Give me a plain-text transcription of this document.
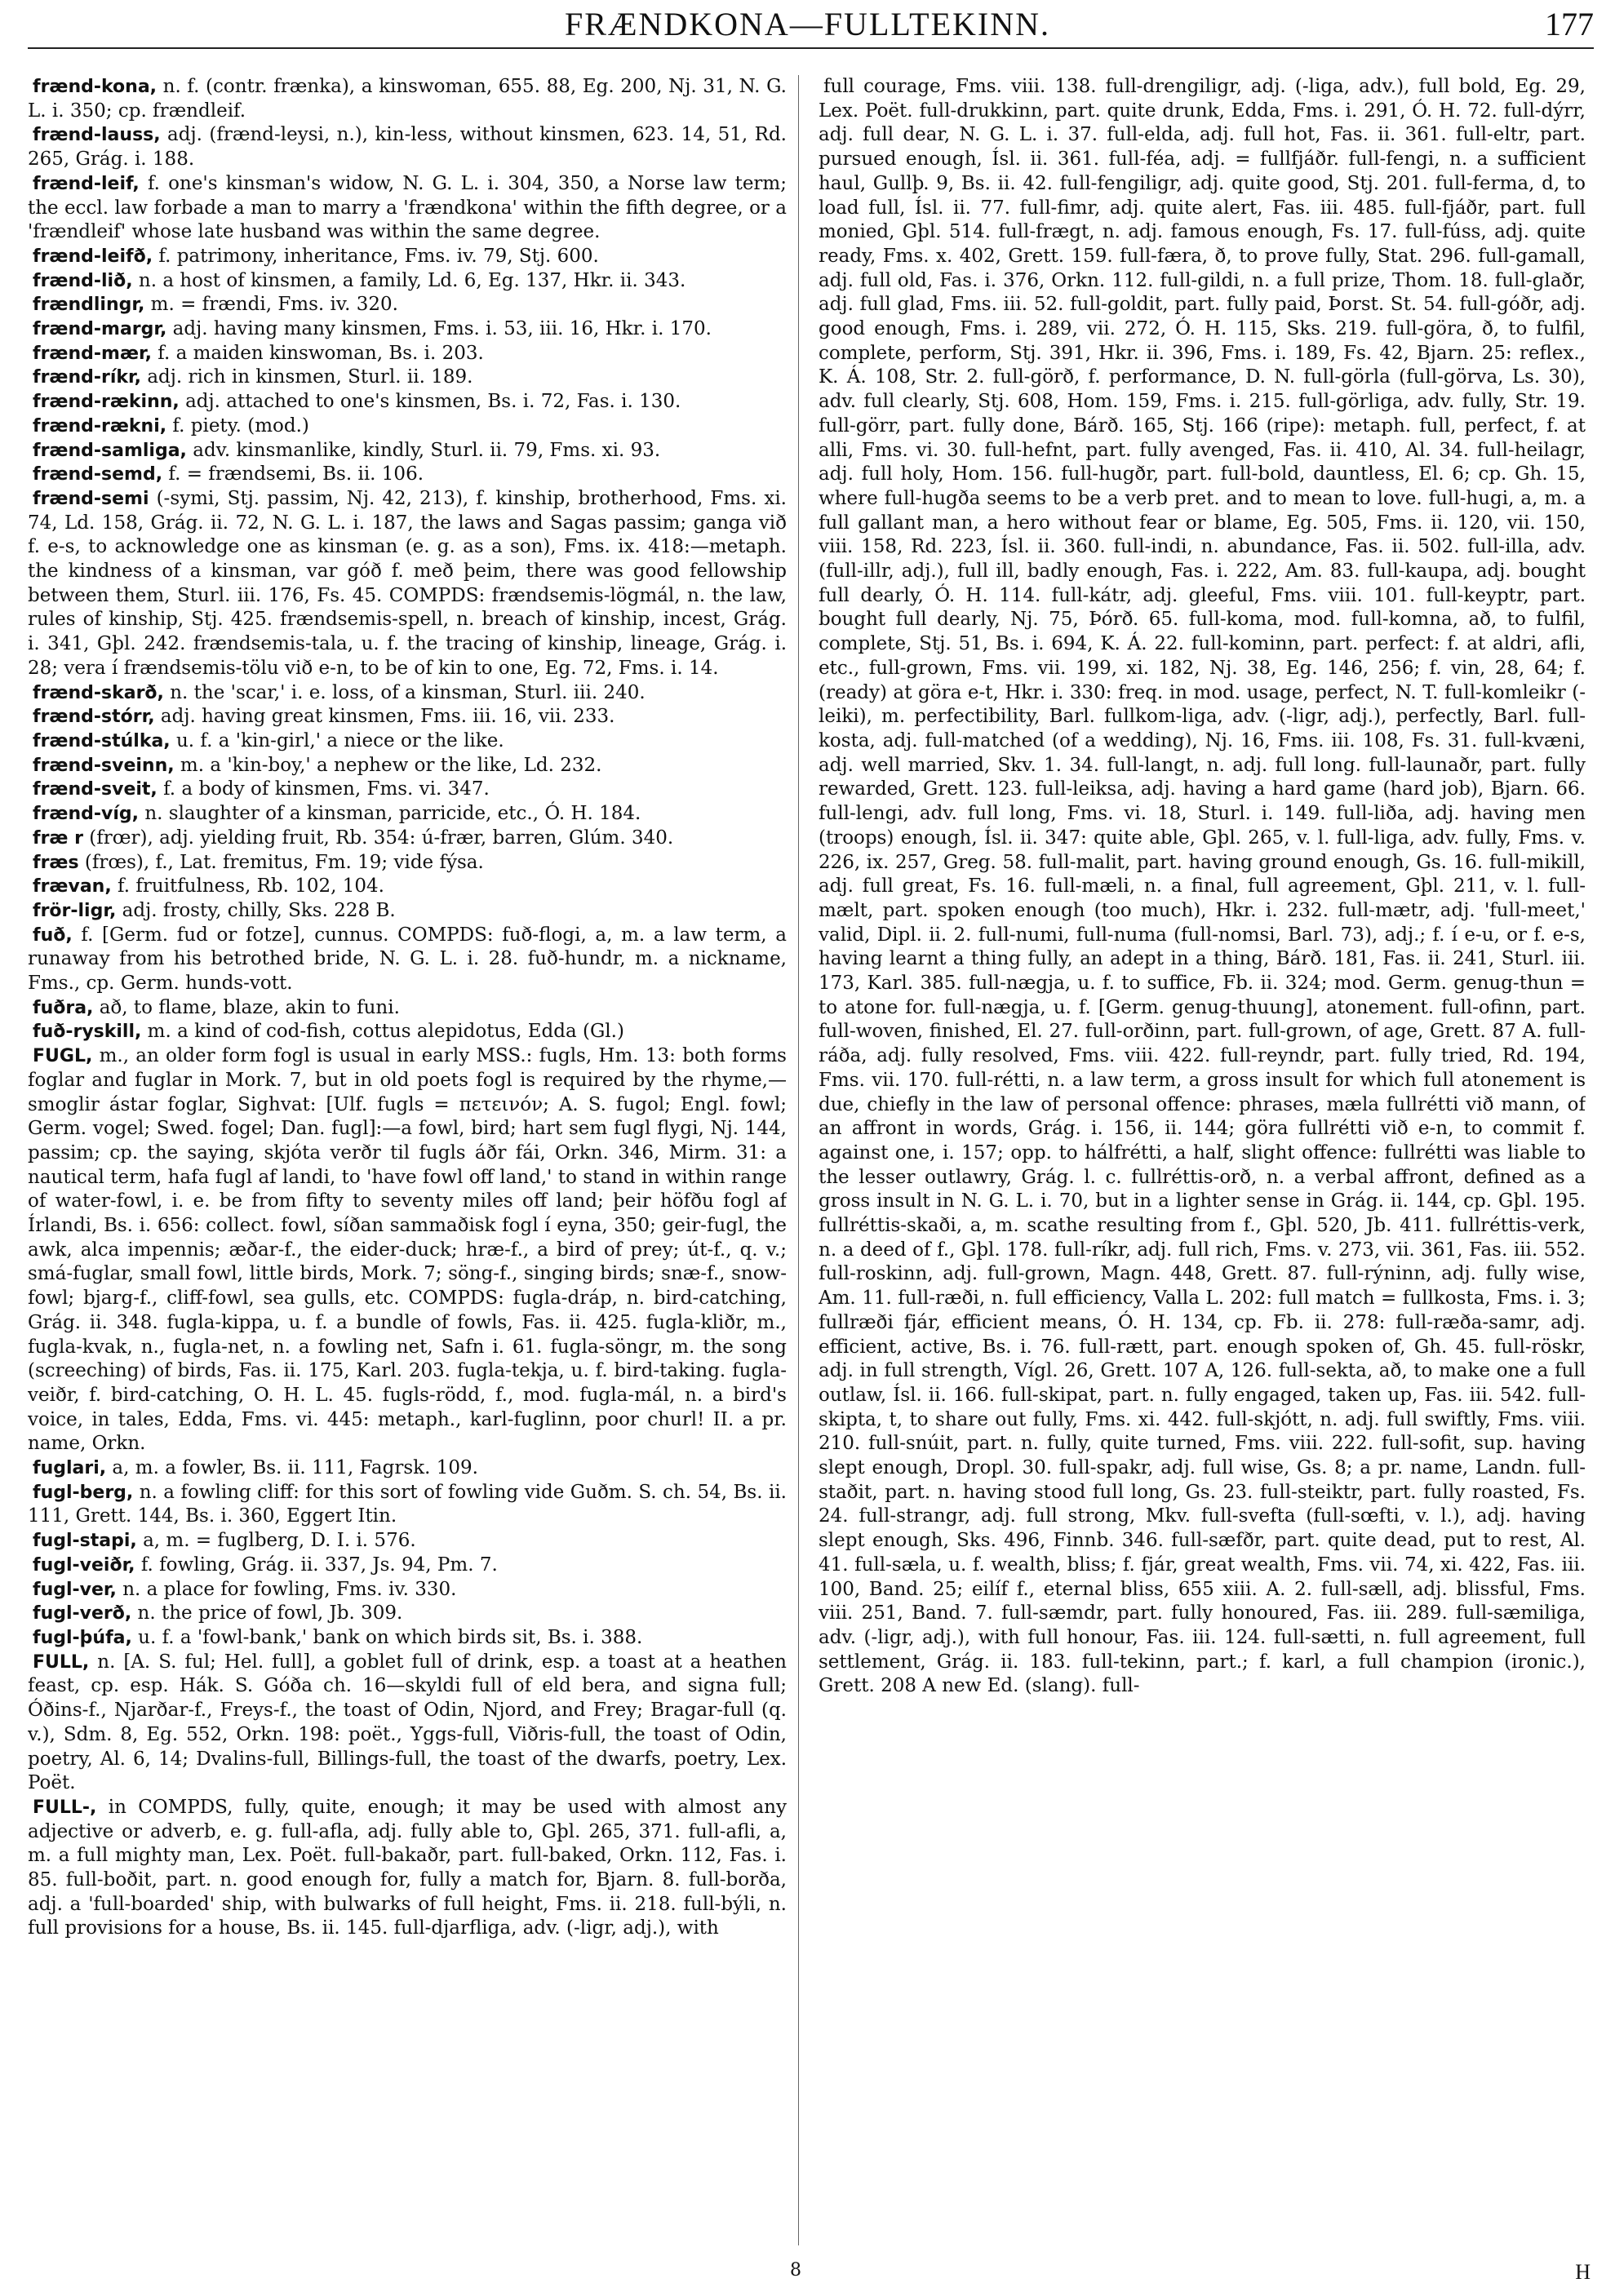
FRÆNDKONA—FULLTEKINN.	177

frænd-kona, n. f. (contr. frænka), a kinswoman, 655. 88, Eg. 200, Nj. 31, N. G. L. i. 350; cp. frændleif.

frænd-lauss, adj. (frænd-leysi, n.), kin-less, without kinsmen, 623. 14, 51, Rd. 265, Grág. i. 188.

frænd-leif, f. one's kinsman's widow, N. G. L. i. 304, 350, a Norse law term; the eccl. law forbade a man to marry a 'frændkona' within the fifth degree, or a 'frændleif' whose late husband was within the same degree.

frænd-leifð, f. patrimony, inheritance, Fms. iv. 79, Stj. 600.

frænd-lið, n. a host of kinsmen, a family, Ld. 6, Eg. 137, Hkr. ii. 343.

frændlingr, m. = frændi, Fms. iv. 320.

frænd-margr, adj. having many kinsmen, Fms. i. 53, iii. 16, Hkr. i. 170.

frænd-mær, f. a maiden kinswoman, Bs. i. 203.

frænd-ríkr, adj. rich in kinsmen, Sturl. ii. 189.

frænd-rækinn, adj. attached to one's kinsmen, Bs. i. 72, Fas. i. 130.

frænd-rækni, f. piety. (mod.)

frænd-samliga, adv. kinsmanlike, kindly, Sturl. ii. 79, Fms. xi. 93.

frænd-semd, f. = frændsemi, Bs. ii. 106.

frænd-semi (-symi, Stj. passim, Nj. 42, 213), f. kinship, brotherhood, Fms. xi. 74, Ld. 158, Grág. ii. 72, N. G. L. i. 187, the laws and Sagas passim; ganga við f. e-s, to acknowledge one as kinsman (e. g. as a son), Fms. ix. 418:—metaph. the kindness of a kinsman, var góð f. með þeim, there was good fellowship between them, Sturl. iii. 176, Fs. 45. COMPDS: frændsemis-lögmál, n. the law, rules of kinship, Stj. 425. frændsemis-spell, n. breach of kinship, incest, Grág. i. 341, Gþl. 242. frændsemis-tala, u. f. the tracing of kinship, lineage, Grág. i. 28; vera í frændsemis-tölu við e-n, to be of kin to one, Eg. 72, Fms. i. 14.

frænd-skarð, n. the 'scar,' i. e. loss, of a kinsman, Sturl. iii. 240.

frænd-stórr, adj. having great kinsmen, Fms. iii. 16, vii. 233.

frænd-stúlka, u. f. a 'kin-girl,' a niece or the like.

frænd-sveinn, m. a 'kin-boy,' a nephew or the like, Ld. 232.

frænd-sveit, f. a body of kinsmen, Fms. vi. 347.

frænd-víg, n. slaughter of a kinsman, parricide, etc., Ó. H. 184.

fræ r (frœr), adj. yielding fruit, Rb. 354: ú-frær, barren, Glúm. 340.

fræs (frœs), f., Lat. fremitus, Fm. 19; vide fýsa.

frævan, f. fruitfulness, Rb. 102, 104.

frör-ligr, adj. frosty, chilly, Sks. 228 B.

fuð, f. [Germ. fud or fotze], cunnus. COMPDS: fuð-flogi, a, m. a law term, a runaway from his betrothed bride, N. G. L. i. 28. fuð-hundr, m. a nickname, Fms., cp. Germ. hunds-vott.

fuðra, að, to flame, blaze, akin to funi.

fuð-ryskill, m. a kind of cod-fish, cottus alepidotus, Edda (Gl.)

FUGL, m., an older form fogl is usual in early MSS.: fugls, Hm. 13: both forms foglar and fuglar in Mork. 7, but in old poets fogl is required by the rhyme,—smoglir ástar foglar, Sighvat: [Ulf. fugls = πετεινόν; A. S. fugol; Engl. fowl; Germ. vogel; Swed. fogel; Dan. fugl]:—a fowl, bird; hart sem fugl flygi, Nj. 144, passim; cp. the saying, skjóta verðr til fugls áðr fái, Orkn. 346, Mirm. 31: a nautical term, hafa fugl af landi, to 'have fowl off land,' to stand in within range of water-fowl, i. e. be from fifty to seventy miles off land; þeir höfðu fogl af Írlandi, Bs. i. 656: collect. fowl, síðan sammaðisk fogl í eyna, 350; geir-fugl, the awk, alca impennis; æðar-f., the eider-duck; hræ-f., a bird of prey; út-f., q. v.; smá-fuglar, small fowl, little birds, Mork. 7; söng-f., singing birds; snæ-f., snow-fowl; bjarg-f., cliff-fowl, sea gulls, etc. COMPDS: fugla-dráp, n. bird-catching, Grág. ii. 348. fugla-kippa, u. f. a bundle of fowls, Fas. ii. 425. fugla-kliðr, m., fugla-kvak, n., fugla-net, n. a fowling net, Safn i. 61. fugla-söngr, m. the song (screeching) of birds, Fas. ii. 175, Karl. 203. fugla-tekja, u. f. bird-taking. fugla-veiðr, f. bird-catching, O. H. L. 45. fugls-rödd, f., mod. fugla-mál, n. a bird's voice, in tales, Edda, Fms. vi. 445: metaph., karl-fuglinn, poor churl! II. a pr. name, Orkn.

fuglari, a, m. a fowler, Bs. ii. 111, Fagrsk. 109.

fugl-berg, n. a fowling cliff: for this sort of fowling vide Guðm. S. ch. 54, Bs. ii. 111, Grett. 144, Bs. i. 360, Eggert Itin.

fugl-stapi, a, m. = fuglberg, D. I. i. 576.

fugl-veiðr, f. fowling, Grág. ii. 337, Js. 94, Pm. 7.

fugl-ver, n. a place for fowling, Fms. iv. 330.

fugl-verð, n. the price of fowl, Jb. 309.

fugl-þúfa, u. f. a 'fowl-bank,' bank on which birds sit, Bs. i. 388.

FULL, n. [A. S. ful; Hel. full], a goblet full of drink, esp. a toast at a heathen feast, cp. esp. Hák. S. Góða ch. 16—skyldi full of eld bera, and signa full; Óðins-f., Njarðar-f., Freys-f., the toast of Odin, Njord, and Frey; Bragar-full (q. v.), Sdm. 8, Eg. 552, Orkn. 198: poët., Yggs-full, Viðris-full, the toast of Odin, poetry, Al. 6, 14; Dvalins-full, Billings-full, the toast of the dwarfs, poetry, Lex. Poët.

FULL-, in COMPDS, fully, quite, enough; it may be used with almost any adjective or adverb, e. g. full-afla, adj. fully able to, Gþl. 265, 371. full-afli, a, m. a full mighty man, Lex. Poët. full-bakaðr, part. full-baked, Orkn. 112, Fas. i. 85. full-boðit, part. n. good enough for, fully a match for, Bjarn. 8. full-borða, adj. a 'full-boarded' ship, with bulwarks of full height, Fms. ii. 218. full-býli, n. full provisions for a house, Bs. ii. 145. full-djarfliga, adv. (-ligr, adj.), with

full courage, Fms. viii. 138. full-drengiligr, adj. (-liga, adv.), full bold, Eg. 29, Lex. Poët. full-drukkinn, part. quite drunk, Edda, Fms. i. 291, Ó. H. 72. full-dýrr, adj. full dear, N. G. L. i. 37. full-elda, adj. full hot, Fas. ii. 361. full-eltr, part. pursued enough, Ísl. ii. 361. full-féa, adj. = fullfjáðr. full-fengi, n. a sufficient haul, Gullþ. 9, Bs. ii. 42. full-fengiligr, adj. quite good, Stj. 201. full-ferma, d, to load full, Ísl. ii. 77. full-fimr, adj. quite alert, Fas. iii. 485. full-fjáðr, part. full monied, Gþl. 514. full-frægt, n. adj. famous enough, Fs. 17. full-fúss, adj. quite ready, Fms. x. 402, Grett. 159. full-færa, ð, to prove fully, Stat. 296. full-gamall, adj. full old, Fas. i. 376, Orkn. 112. full-gildi, n. a full prize, Thom. 18. full-glaðr, adj. full glad, Fms. iii. 52. full-goldit, part. fully paid, Þorst. St. 54. full-góðr, adj. good enough, Fms. i. 289, vii. 272, Ó. H. 115, Sks. 219. full-göra, ð, to fulfil, complete, perform, Stj. 391, Hkr. ii. 396, Fms. i. 189, Fs. 42, Bjarn. 25: reflex., K. Á. 108, Str. 2. full-görð, f. performance, D. N. full-görla (full-görva, Ls. 30), adv. full clearly, Stj. 608, Hom. 159, Fms. i. 215. full-görliga, adv. fully, Str. 19. full-görr, part. fully done, Bárð. 165, Stj. 166 (ripe): metaph. full, perfect, f. at alli, Fms. vi. 30. full-hefnt, part. fully avenged, Fas. ii. 410, Al. 34. full-heilagr, adj. full holy, Hom. 156. full-hugðr, part. full-bold, dauntless, El. 6; cp. Gh. 15, where full-hugða seems to be a verb pret. and to mean to love. full-hugi, a, m. a full gallant man, a hero without fear or blame, Eg. 505, Fms. ii. 120, vii. 150, viii. 158, Rd. 223, Ísl. ii. 360. full-indi, n. abundance, Fas. ii. 502. full-illa, adv. (full-illr, adj.), full ill, badly enough, Fas. i. 222, Am. 83. full-kaupa, adj. bought full dearly, Ó. H. 114. full-kátr, adj. gleeful, Fms. viii. 101. full-keyptr, part. bought full dearly, Nj. 75, Þórð. 65. full-koma, mod. full-komna, að, to fulfil, complete, Stj. 51, Bs. i. 694, K. Á. 22. full-kominn, part. perfect: f. at aldri, afli, etc., full-grown, Fms. vii. 199, xi. 182, Nj. 38, Eg. 146, 256; f. vin, 28, 64; f. (ready) at göra e-t, Hkr. i. 330: freq. in mod. usage, perfect, N. T. full-komleikr (-leiki), m. perfectibility, Barl. fullkom-liga, adv. (-ligr, adj.), perfectly, Barl. full-kosta, adj. full-matched (of a wedding), Nj. 16, Fms. iii. 108, Fs. 31. full-kvæni, adj. well married, Skv. 1. 34. full-langt, n. adj. full long. full-launaðr, part. fully rewarded, Grett. 123. full-leiksa, adj. having a hard game (hard job), Bjarn. 66. full-lengi, adv. full long, Fms. vi. 18, Sturl. i. 149. full-liða, adj. having men (troops) enough, Ísl. ii. 347: quite able, Gþl. 265, v. l. full-liga, adv. fully, Fms. v. 226, ix. 257, Greg. 58. full-malit, part. having ground enough, Gs. 16. full-mikill, adj. full great, Fs. 16. full-mæli, n. a final, full agreement, Gþl. 211, v. l. full-mælt, part. spoken enough (too much), Hkr. i. 232. full-mætr, adj. 'full-meet,' valid, Dipl. ii. 2. full-numi, full-numa (full-nomsi, Barl. 73), adj.; f. í e-u, or f. e-s, having learnt a thing fully, an adept in a thing, Bárð. 181, Fas. ii. 241, Sturl. iii. 173, Karl. 385. full-nægja, u. f. to suffice, Fb. ii. 324; mod. Germ. genug-thun = to atone for. full-nægja, u. f. [Germ. genug-thuung], atonement. full-ofinn, part. full-woven, finished, El. 27. full-orðinn, part. full-grown, of age, Grett. 87 A. full-ráða, adj. fully resolved, Fms. viii. 422. full-reyndr, part. fully tried, Rd. 194, Fms. vii. 170. full-rétti, n. a law term, a gross insult for which full atonement is due, chiefly in the law of personal offence: phrases, mæla fullrétti við mann, of an affront in words, Grág. i. 156, ii. 144; göra fullrétti við e-n, to commit f. against one, i. 157; opp. to hálfrétti, a half, slight offence: fullrétti was liable to the lesser outlawry, Grág. l. c. fullréttis-orð, n. a verbal affront, defined as a gross insult in N. G. L. i. 70, but in a lighter sense in Grág. ii. 144, cp. Gþl. 195. fullréttis-skaði, a, m. scathe resulting from f., Gþl. 520, Jb. 411. fullréttis-verk, n. a deed of f., Gþl. 178. full-ríkr, adj. full rich, Fms. v. 273, vii. 361, Fas. iii. 552. full-roskinn, adj. full-grown, Magn. 448, Grett. 87. full-rýninn, adj. fully wise, Am. 11. full-ræði, n. full efficiency, Valla L. 202: full match = fullkosta, Fms. i. 3; fullræði fjár, efficient means, Ó. H. 134, cp. Fb. ii. 278: full-ræða-samr, adj. efficient, active, Bs. i. 76. full-rætt, part. enough spoken of, Gh. 45. full-röskr, adj. in full strength, Vígl. 26, Grett. 107 A, 126. full-sekta, að, to make one a full outlaw, Ísl. ii. 166. full-skipat, part. n. fully engaged, taken up, Fas. iii. 542. full-skipta, t, to share out fully, Fms. xi. 442. full-skjótt, n. adj. full swiftly, Fms. viii. 210. full-snúit, part. n. fully, quite turned, Fms. viii. 222. full-sofit, sup. having slept enough, Dropl. 30. full-spakr, adj. full wise, Gs. 8; a pr. name, Landn. full-staðit, part. n. having stood full long, Gs. 23. full-steiktr, part. fully roasted, Fs. 24. full-strangr, adj. full strong, Mkv. full-svefta (full-sœfti, v. l.), adj. having slept enough, Sks. 496, Finnb. 346. full-sæfðr, part. quite dead, put to rest, Al. 41. full-sæla, u. f. wealth, bliss; f. fjár, great wealth, Fms. vii. 74, xi. 422, Fas. iii. 100, Band. 25; eilíf f., eternal bliss, 655 xiii. A. 2. full-sæll, adj. blissful, Fms. viii. 251, Band. 7. full-sæmdr, part. fully honoured, Fas. iii. 289. full-sæmiliga, adv. (-ligr, adj.), with full honour, Fas. iii. 124. full-sætti, n. full agreement, full settlement, Grág. ii. 183. full-tekinn, part.; f. karl, a full champion (ironic.), Grett. 208 A new Ed. (slang). full-

8	H
